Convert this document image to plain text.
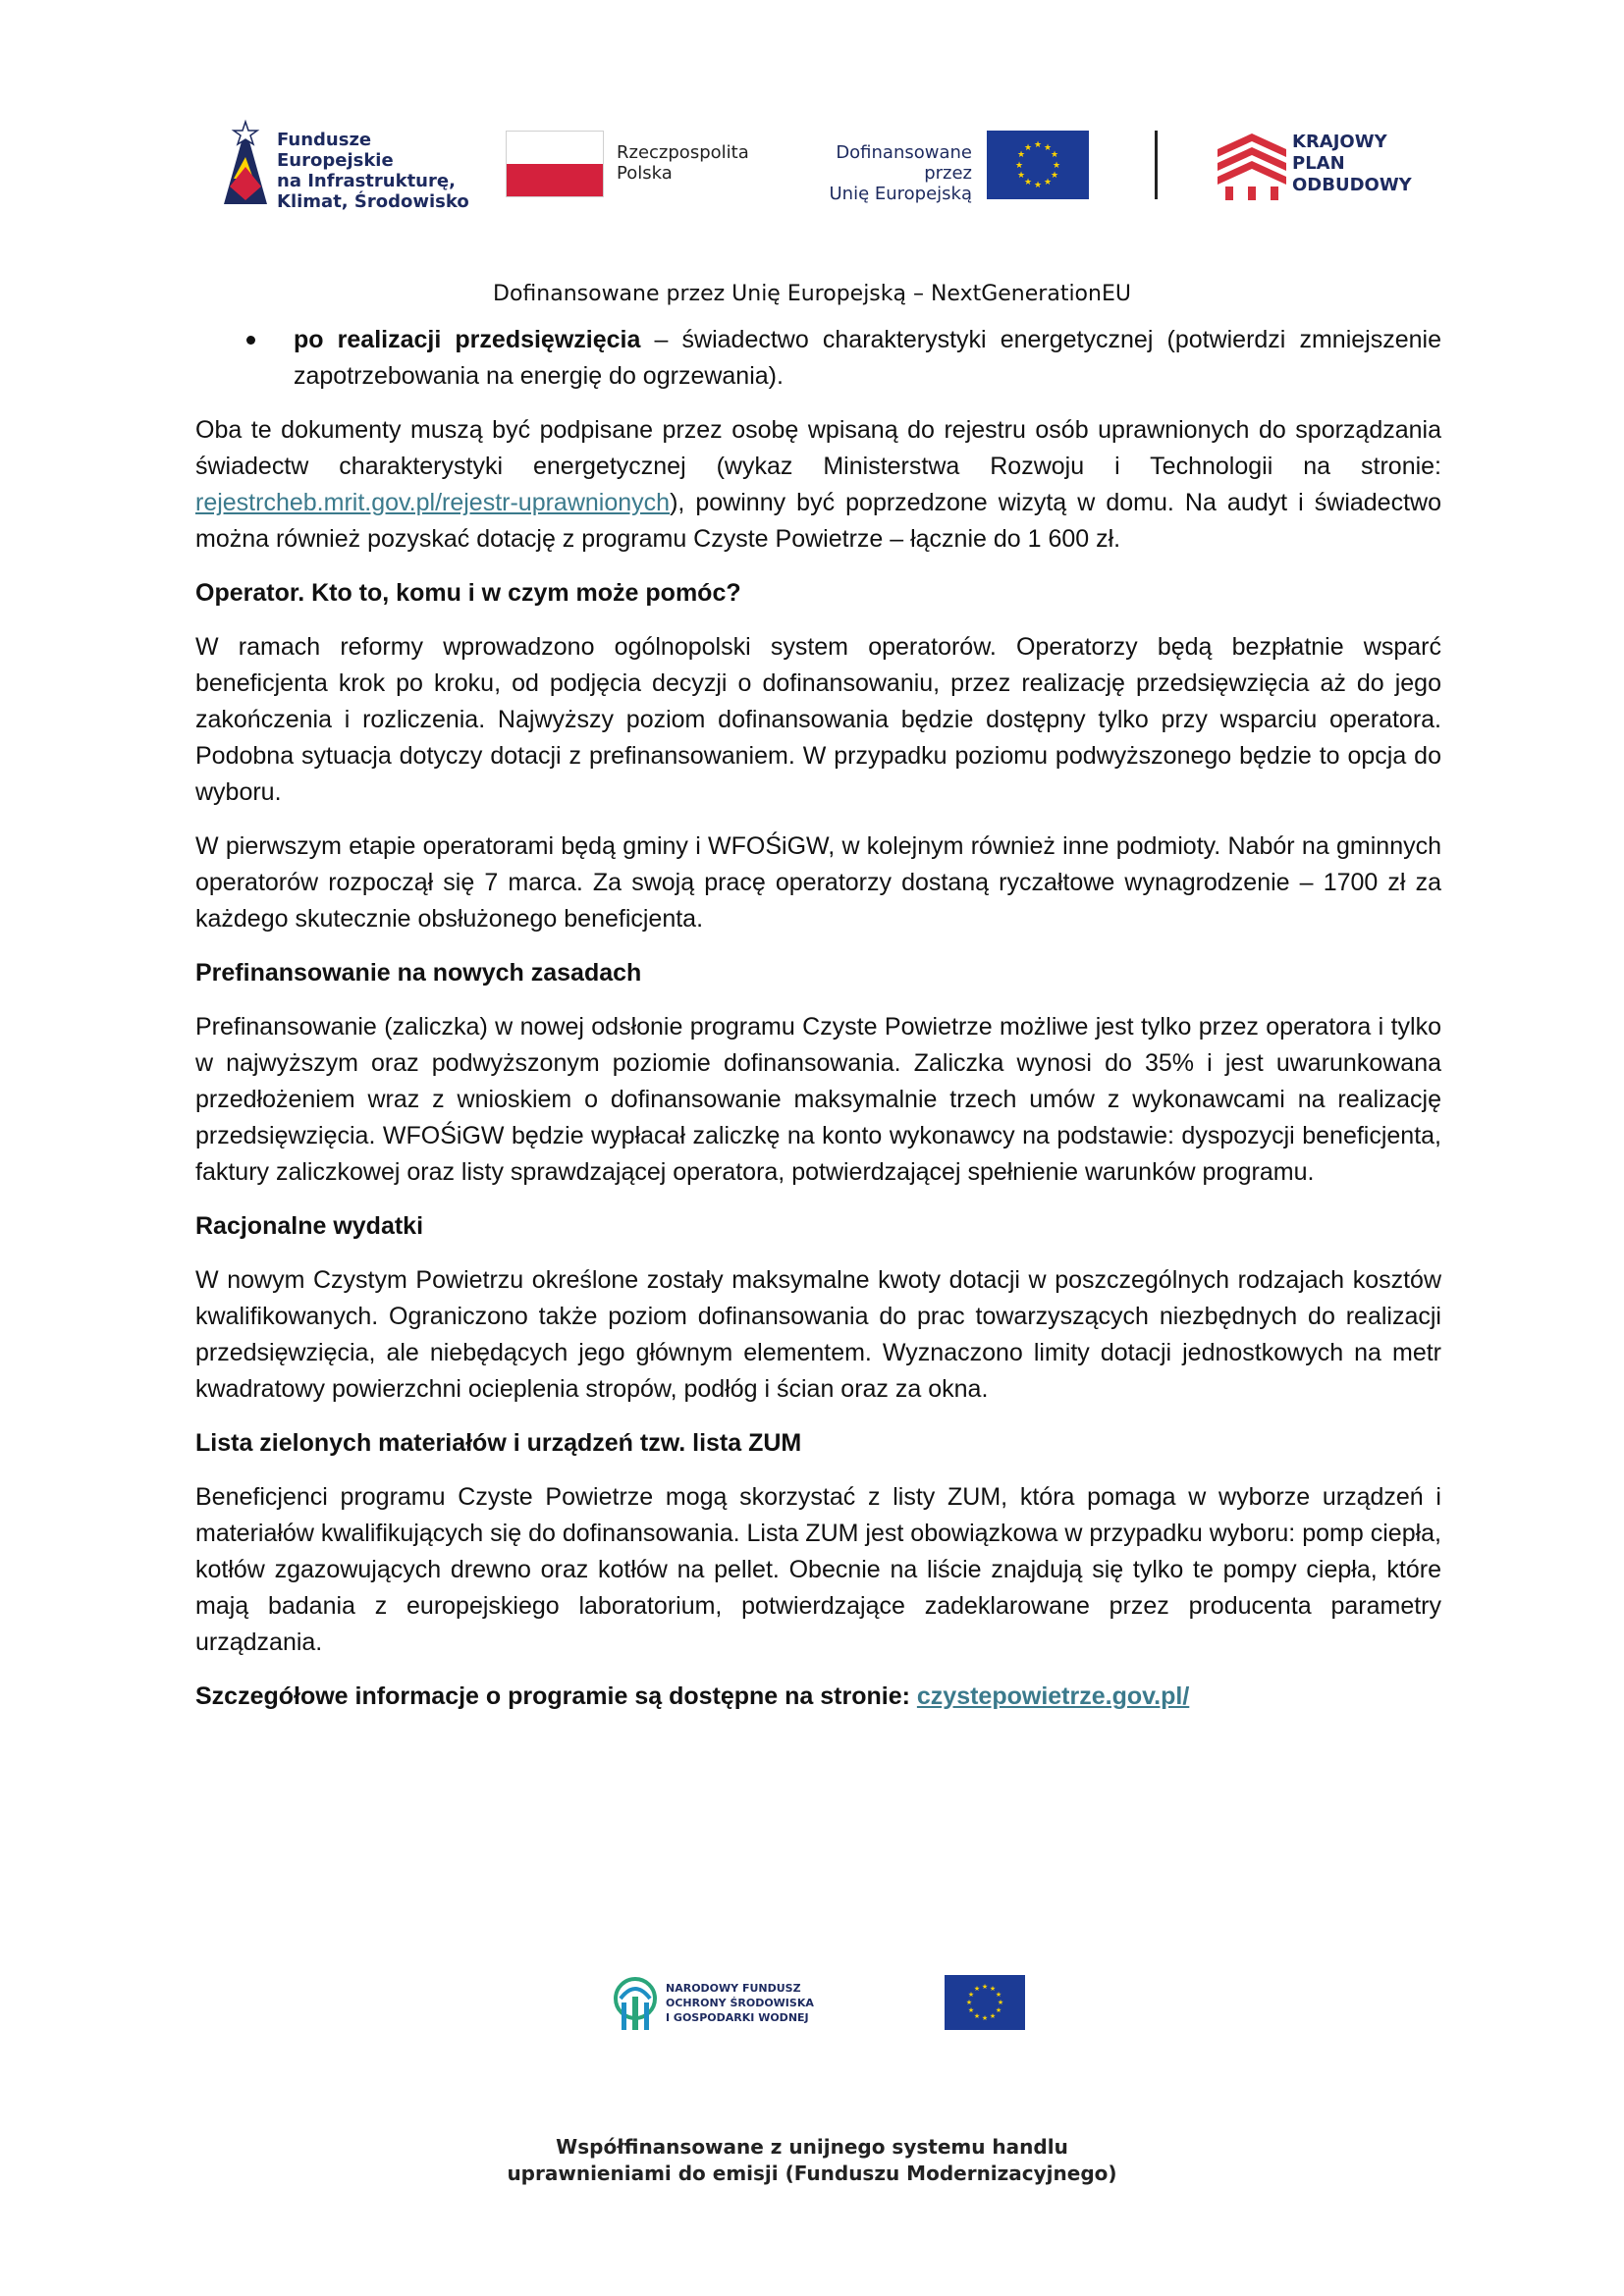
Fundusze Europejskie
na Infrastrukturę,
Klimat, Środowisko
Rzeczpospolita
Polska
Dofinansowane przez
Unię Europejską
★ ★
★
★
★
★
★
★
★
★
★
★	KRAJOWY
PLAN
ODBUDOWY
Dofinansowane przez Unię Europejską – NextGenerationEU
po realizacji przedsięwzięcia – świadectwo charakterystyki energetycznej (potwierdzi zmniejszenie zapotrzebowania na energię do ogrzewania).

Oba te dokumenty muszą być podpisane przez osobę wpisaną do rejestru osób uprawnionych do sporządzania świadectw charakterystyki energetycznej (wykaz Ministerstwa Rozwoju i Technologii na stronie: rejestrcheb.mrit.gov.pl/rejestr-uprawnionych), powinny być poprzedzone wizytą w domu. Na audyt i świadectwo można również pozyskać dotację z programu Czyste Powietrze – łącznie do 1 600 zł.

Operator. Kto to, komu i w czym może pomóc?

W ramach reformy wprowadzono ogólnopolski system operatorów. Operatorzy będą bezpłatnie wsparć beneficjenta krok po kroku, od podjęcia decyzji o dofinansowaniu, przez realizację przedsięwzięcia aż do jego zakończenia i rozliczenia. Najwyższy poziom dofinansowania będzie dostępny tylko przy wsparciu operatora. Podobna sytuacja dotyczy dotacji z prefinansowaniem. W przypadku poziomu podwyższonego będzie to opcja do wyboru.

W pierwszym etapie operatorami będą gminy i WFOŚiGW, w kolejnym również inne podmioty. Nabór na gminnych operatorów rozpoczął się 7 marca. Za swoją pracę operatorzy dostaną ryczałtowe wynagrodzenie – 1700 zł za każdego skutecznie obsłużonego beneficjenta.

Prefinansowanie na nowych zasadach

Prefinansowanie (zaliczka) w nowej odsłonie programu Czyste Powietrze możliwe jest tylko przez operatora i tylko w najwyższym oraz podwyższonym poziomie dofinansowania. Zaliczka wynosi do 35% i jest uwarunkowana przedłożeniem wraz z wnioskiem o dofinansowanie maksymalnie trzech umów z wykonawcami na realizację przedsięwzięcia. WFOŚiGW będzie wypłacał zaliczkę na konto wykonawcy na podstawie: dyspozycji beneficjenta, faktury zaliczkowej oraz listy sprawdzającej operatora, potwierdzającej spełnienie warunków programu.

Racjonalne wydatki

W nowym Czystym Powietrzu określone zostały maksymalne kwoty dotacji w poszczególnych rodzajach kosztów kwalifikowanych. Ograniczono także poziom dofinansowania do prac towarzyszących niezbędnych do realizacji przedsięwzięcia, ale niebędących jego głównym elementem. Wyznaczono limity dotacji jednostkowych na metr kwadratowy powierzchni ocieplenia stropów, podłóg i ścian oraz za okna.

Lista zielonych materiałów i urządzeń tzw. lista ZUM

Beneficjenci programu Czyste Powietrze mogą skorzystać z listy ZUM, która pomaga w wyborze urządzeń i materiałów kwalifikujących się do dofinansowania. Lista ZUM jest obowiązkowa w przypadku wyboru: pomp ciepła, kotłów zgazowujących drewno oraz kotłów na pellet. Obecnie na liście znajdują się tylko te pompy ciepła, które mają badania z europejskiego laboratorium, potwierdzające zadeklarowane przez producenta parametry urządzania.

Szczegółowe informacje o programie są dostępne na stronie: czystepowietrze.gov.pl/

NARODOWY FUNDUSZ
OCHRONY ŚRODOWISKA
I GOSPODARKI WODNEJ
★ ★
★
★
★
★
★
★
★
★
★
★
Współfinansowane z unijnego systemu handlu
uprawnieniami do emisji (Funduszu Modernizacyjnego)
